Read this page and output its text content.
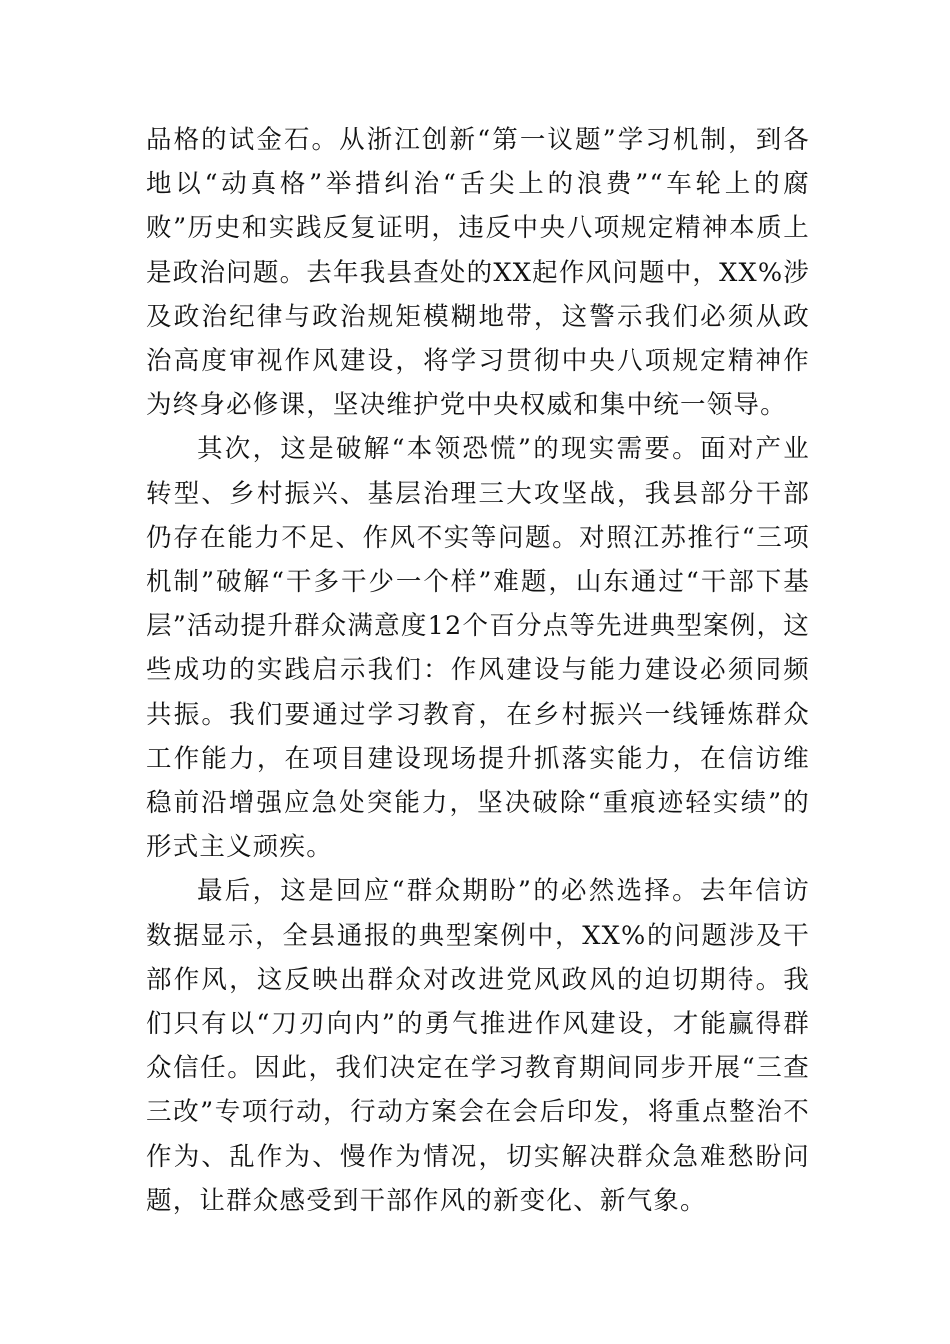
品格的试金石。从浙江创新“第一议题”学习机制，到各地以“动真格”举措纠治“舌尖上的浪费”“车轮上的腐败”历史和实践反复证明，违反中央八项规定精神本质上是政治问题。去年我县查处的XX起作风问题中，XX%涉及政治纪律与政治规矩模糊地带，这警示我们必须从政治高度审视作风建设，将学习贯彻中央八项规定精神作为终身必修课，坚决维护党中央权威和集中统一领导。

其次，这是破解“本领恐慌”的现实需要。面对产业转型、乡村振兴、基层治理三大攻坚战，我县部分干部仍存在能力不足、作风不实等问题。对照江苏推行“三项机制”破解“干多干少一个样”难题，山东通过“干部下基层”活动提升群众满意度12个百分点等先进典型案例，这些成功的实践启示我们：作风建设与能力建设必须同频共振。我们要通过学习教育，在乡村振兴一线锤炼群众工作能力，在项目建设现场提升抓落实能力，在信访维稳前沿增强应急处突能力，坚决破除“重痕迹轻实绩”的形式主义顽疾。

最后，这是回应“群众期盼”的必然选择。去年信访数据显示，全县通报的典型案例中，XX%的问题涉及干部作风，这反映出群众对改进党风政风的迫切期待。我们只有以“刀刃向内”的勇气推进作风建设，才能赢得群众信任。因此，我们决定在学习教育期间同步开展“三查三改”专项行动，行动方案会在会后印发，将重点整治不作为、乱作为、慢作为情况，切实解决群众急难愁盼问题，让群众感受到干部作风的新变化、新气象。
